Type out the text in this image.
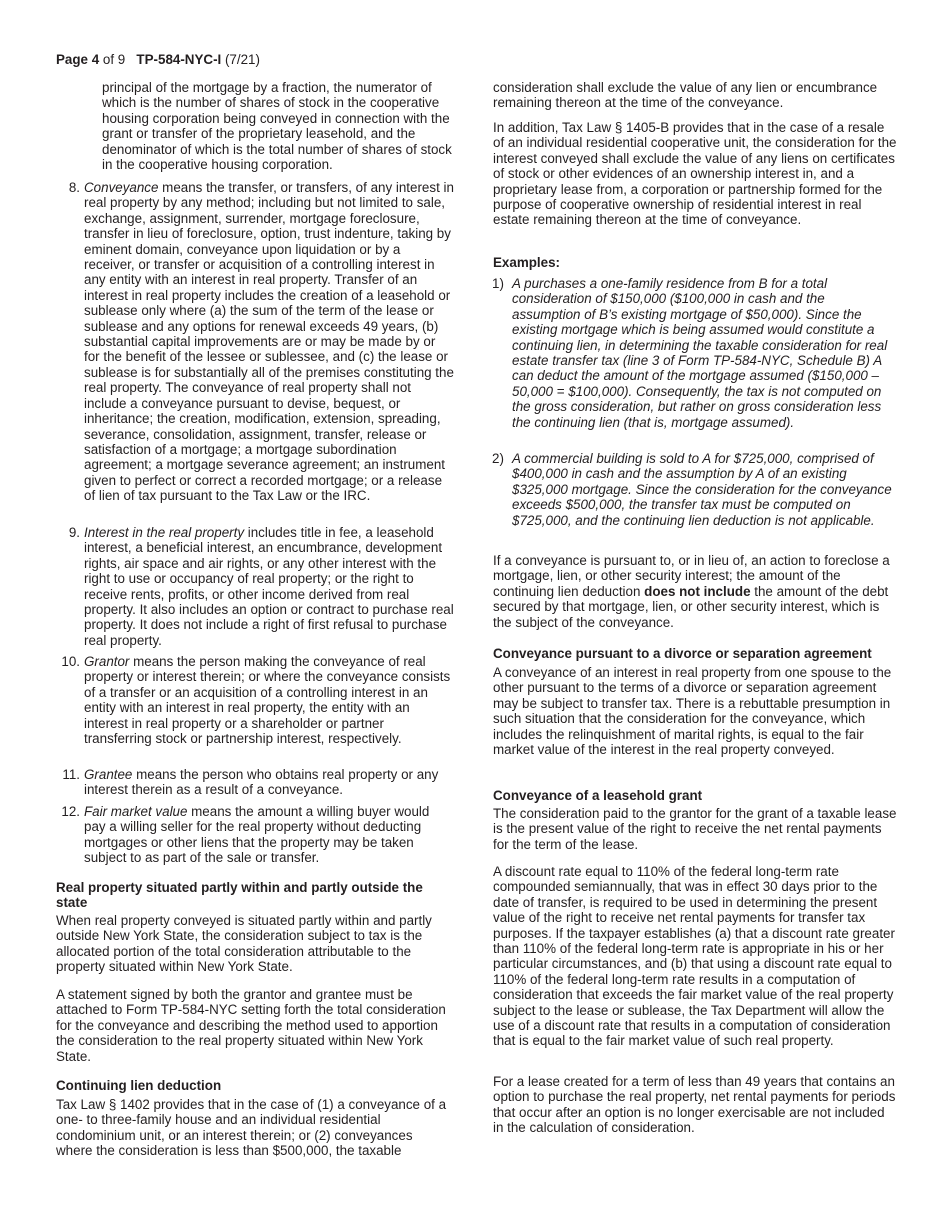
Page 4 of 9 TP-584-NYC-I (7/21)

principal of the mortgage by a fraction, the numerator of which is the number of shares of stock in the cooperative housing corporation being conveyed in connection with the grant or transfer of the proprietary leasehold, and the denominator of which is the total number of shares of stock in the cooperative housing corporation.

8. Conveyance means the transfer, or transfers, of any interest in real property by any method; including but not limited to sale, exchange, assignment, surrender, mortgage foreclosure, transfer in lieu of foreclosure, option, trust indenture, taking by eminent domain, conveyance upon liquidation or by a receiver, or transfer or acquisition of a controlling interest in any entity with an interest in real property. Transfer of an interest in real property includes the creation of a leasehold or sublease only where (a) the sum of the term of the lease or sublease and any options for renewal exceeds 49 years, (b) substantial capital improvements are or may be made by or for the benefit of the lessee or sublessee, and (c) the lease or sublease is for substantially all of the premises constituting the real property. The conveyance of real property shall not include a conveyance pursuant to devise, bequest, or inheritance; the creation, modification, extension, spreading, severance, consolidation, assignment, transfer, release or satisfaction of a mortgage; a mortgage subordination agreement; a mortgage severance agreement; an instrument given to perfect or correct a recorded mortgage; or a release of lien of tax pursuant to the Tax Law or the IRC.
9. Interest in the real property includes title in fee, a leasehold interest, a beneficial interest, an encumbrance, development rights, air space and air rights, or any other interest with the right to use or occupancy of real property; or the right to receive rents, profits, or other income derived from real property. It also includes an option or contract to purchase real property. It does not include a right of first refusal to purchase real property.
10. Grantor means the person making the conveyance of real property or interest therein; or where the conveyance consists of a transfer or an acquisition of a controlling interest in an entity with an interest in real property, the entity with an interest in real property or a shareholder or partner transferring stock or partnership interest, respectively.
11. Grantee means the person who obtains real property or any interest therein as a result of a conveyance.
12. Fair market value means the amount a willing buyer would pay a willing seller for the real property without deducting mortgages or other liens that the property may be taken subject to as part of the sale or transfer.

Real property situated partly within and partly outside the state

When real property conveyed is situated partly within and partly outside New York State, the consideration subject to tax is the allocated portion of the total consideration attributable to the property situated within New York State.

A statement signed by both the grantor and grantee must be attached to Form TP-584-NYC setting forth the total consideration for the conveyance and describing the method used to apportion the consideration to the real property situated within New York State.

Continuing lien deduction

Tax Law § 1402 provides that in the case of (1) a conveyance of a one- to three-family house and an individual residential condominium unit, or an interest therein; or (2) conveyances where the consideration is less than $500,000, the taxable

consideration shall exclude the value of any lien or encumbrance remaining thereon at the time of the conveyance.

In addition, Tax Law § 1405-B provides that in the case of a resale of an individual residential cooperative unit, the consideration for the interest conveyed shall exclude the value of any liens on certificates of stock or other evidences of an ownership interest in, and a proprietary lease from, a corporation or partnership formed for the purpose of cooperative ownership of residential interest in real estate remaining thereon at the time of conveyance.

Examples:

1) A purchases a one-family residence from B for a total consideration of $150,000 ($100,000 in cash and the assumption of B’s existing mortgage of $50,000). Since the existing mortgage which is being assumed would constitute a continuing lien, in determining the taxable consideration for real estate transfer tax (line 3 of Form TP-584-NYC, Schedule B) A can deduct the amount of the mortgage assumed ($150,000 – 50,000 = $100,000). Consequently, the tax is not computed on the gross consideration, but rather on gross consideration less the continuing lien (that is, mortgage assumed).
2) A commercial building is sold to A for $725,000, comprised of $400,000 in cash and the assumption by A of an existing $325,000 mortgage. Since the consideration for the conveyance exceeds $500,000, the transfer tax must be computed on $725,000, and the continuing lien deduction is not applicable.

If a conveyance is pursuant to, or in lieu of, an action to foreclose a mortgage, lien, or other security interest; the amount of the continuing lien deduction does not include the amount of the debt secured by that mortgage, lien, or other security interest, which is the subject of the conveyance.

Conveyance pursuant to a divorce or separation agreement

A conveyance of an interest in real property from one spouse to the other pursuant to the terms of a divorce or separation agreement may be subject to transfer tax. There is a rebuttable presumption in such situation that the consideration for the conveyance, which includes the relinquishment of marital rights, is equal to the fair market value of the interest in the real property conveyed.

Conveyance of a leasehold grant

The consideration paid to the grantor for the grant of a taxable lease is the present value of the right to receive the net rental payments for the term of the lease.

A discount rate equal to 110% of the federal long-term rate compounded semiannually, that was in effect 30 days prior to the date of transfer, is required to be used in determining the present value of the right to receive net rental payments for transfer tax purposes. If the taxpayer establishes (a) that a discount rate greater than 110% of the federal long-term rate is appropriate in his or her particular circumstances, and (b) that using a discount rate equal to 110% of the federal long-term rate results in a computation of consideration that exceeds the fair market value of the real property subject to the lease or sublease, the Tax Department will allow the use of a discount rate that results in a computation of consideration that is equal to the fair market value of such real property.

For a lease created for a term of less than 49 years that contains an option to purchase the real property, net rental payments for periods that occur after an option is no longer exercisable are not included in the calculation of consideration.
